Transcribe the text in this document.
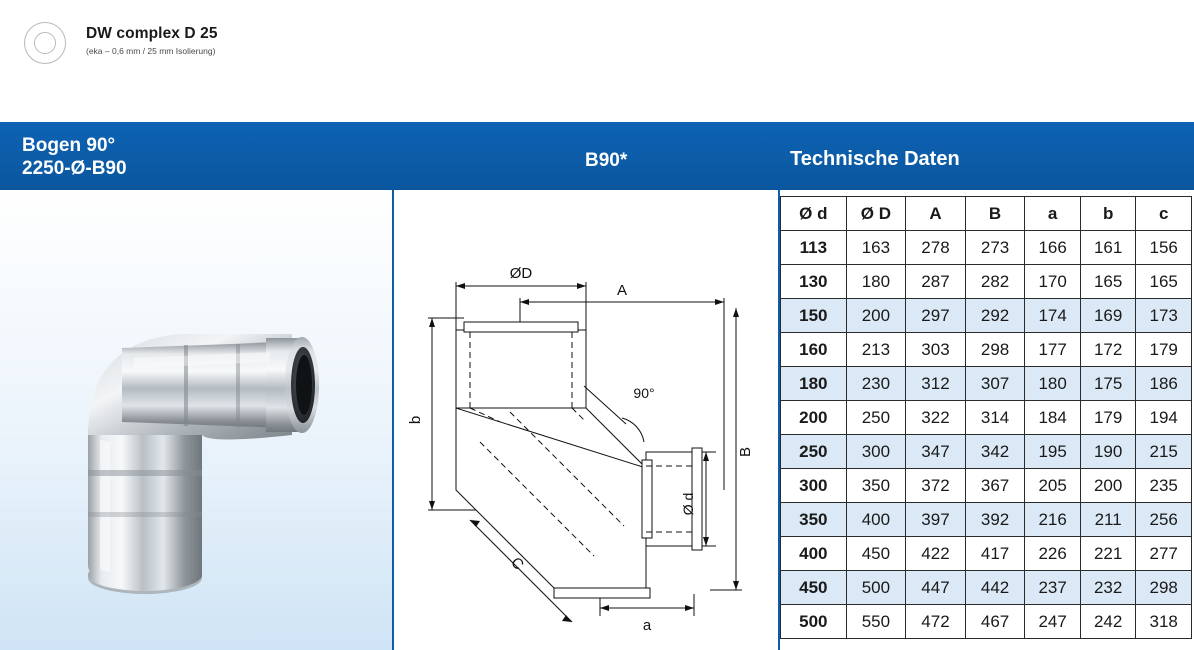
DW complex D 25
(eka – 0,6 mm / 25 mm Isolierung)
Bogen 90°
2250-Ø-B90	B90*	Technische Daten
ØD
A
b
B
Ø d
a
C
90°
Ø d	Ø D	A	B	a	b	c
113	163	278	273	166	161	156
130	180	287	282	170	165	165
150	200	297	292	174	169	173
160	213	303	298	177	172	179
180	230	312	307	180	175	186
200	250	322	314	184	179	194
250	300	347	342	195	190	215
300	350	372	367	205	200	235
350	400	397	392	216	211	256
400	450	422	417	226	221	277
450	500	447	442	237	232	298
500	550	472	467	247	242	318
